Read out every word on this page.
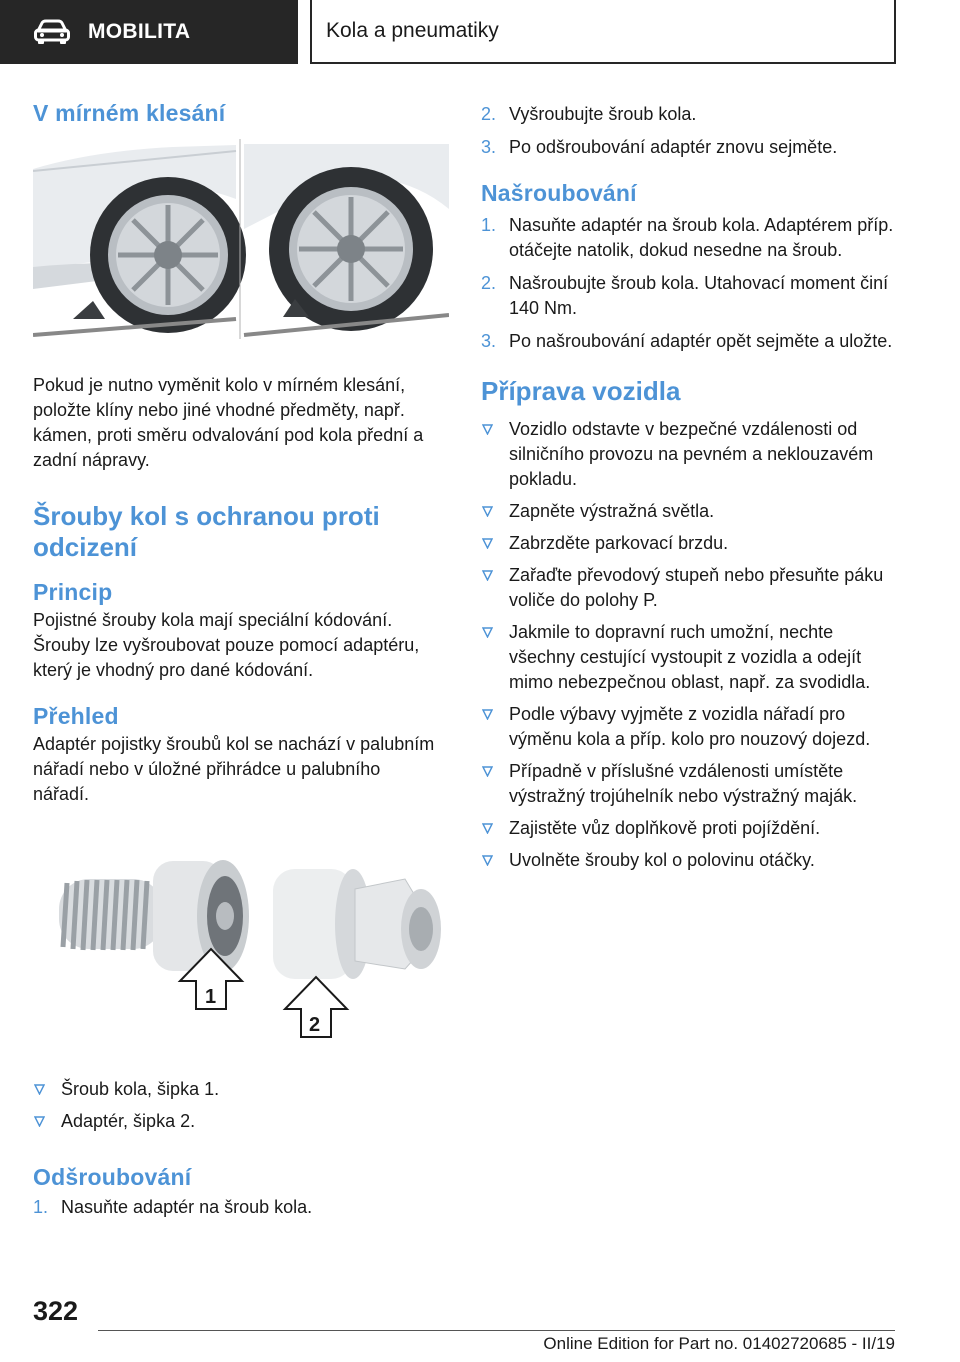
MOBILITA	Kola a pneumatiky
V mírném klesání

Pokud je nutno vyměnit kolo v mírném klesání, položte klíny nebo jiné vhodné předměty, např. kámen, proti směru odvalování pod kola přední a zadní nápravy.

Šrouby kol s ochranou proti odcizení
Princip

Pojistné šrouby kola mají speciální kódování. Šrouby lze vyšroubovat pouze pomocí adaptéru, který je vhodný pro dané kódování.

Přehled

Adaptér pojistky šroubů kol se nachází v palubním nářadí nebo v úložné přihrádce u palubního nářadí.

1
2
Šroub kola, šipka 1.
Adaptér, šipka 2.
Odšroubování
1. Nasuňte adaptér na šroub kola.
2. Vyšroubujte šroub kola.
3. Po odšroubování adaptér znovu sejměte.
Našroubování
1. Nasuňte adaptér na šroub kola. Adaptérem příp. otáčejte natolik, dokud nesedne na šroub.
2. Našroubujte šroub kola. Utahovací moment činí 140 Nm.
3. Po našroubování adaptér opět sejměte a uložte.
Příprava vozidla
Vozidlo odstavte v bezpečné vzdálenosti od silničního provozu na pevném a neklouzavém pokladu.
Zapněte výstražná světla.
Zabrzděte parkovací brzdu.
Zařaďte převodový stupeň nebo přesuňte páku voliče do polohy P.
Jakmile to dopravní ruch umožní, nechte všechny cestující vystoupit z vozidla a odejít mimo nebezpečnou oblast, např. za svodidla.
Podle výbavy vyjměte z vozidla nářadí pro výměnu kola a příp. kolo pro nouzový dojezd.
Případně v příslušné vzdálenosti umístěte výstražný trojúhelník nebo výstražný maják.
Zajistěte vůz doplňkově proti pojíždění.
Uvolněte šrouby kol o polovinu otáčky.
322
Online Edition for Part no. 01402720685 - II/19
